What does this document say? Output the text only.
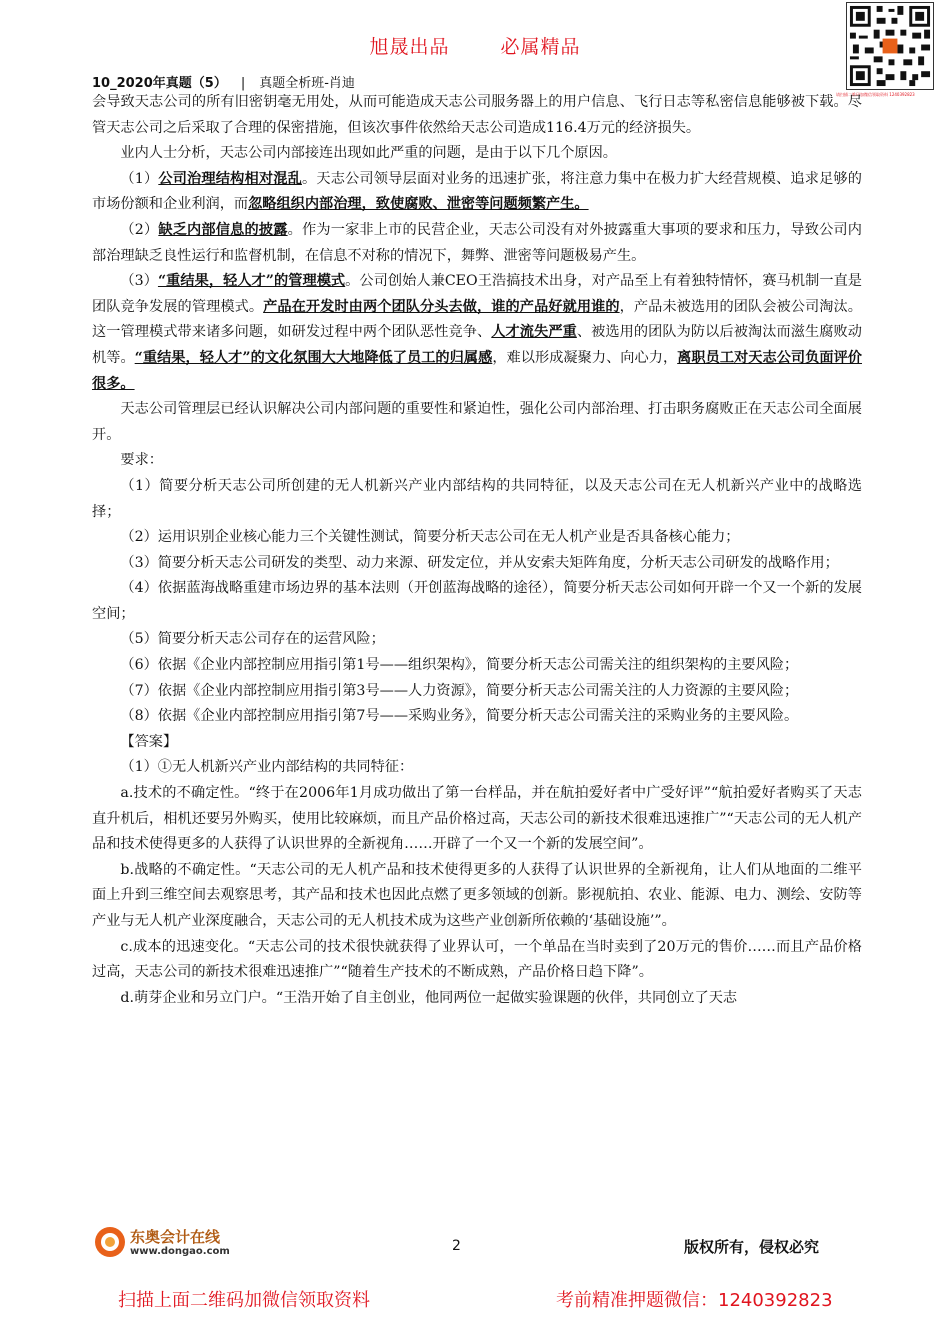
旭晟出品	必属精品
请扫描二维码加微信领取资料 1240392823
10_2020年真题（5） | 真题全析班-肖迪

会导致天志公司的所有旧密钥毫无用处，从而可能造成天志公司服务器上的用户信息、飞行日志等私密信息能够被下载。尽管天志公司之后采取了合理的保密措施，但该次事件依然给天志公司造成116.4万元的经济损失。

业内人士分析，天志公司内部接连出现如此严重的问题，是由于以下几个原因。

（1）公司治理结构相对混乱。天志公司领导层面对业务的迅速扩张，将注意力集中在极力扩大经营规模、追求足够的市场份额和企业利润，而忽略组织内部治理，致使腐败、泄密等问题频繁产生。

（2）缺乏内部信息的披露。作为一家非上市的民营企业，天志公司没有对外披露重大事项的要求和压力，导致公司内部治理缺乏良性运行和监督机制，在信息不对称的情况下，舞弊、泄密等问题极易产生。

（3）“重结果，轻人才”的管理模式。公司创始人兼CEO王浩搞技术出身，对产品至上有着独特情怀，赛马机制一直是团队竞争发展的管理模式。产品在开发时由两个团队分头去做，谁的产品好就用谁的，产品未被选用的团队会被公司淘汰。这一管理模式带来诸多问题，如研发过程中两个团队恶性竞争、人才流失严重、被选用的团队为防以后被淘汰而滋生腐败动机等。“重结果，轻人才”的文化氛围大大地降低了员工的归属感，难以形成凝聚力、向心力，离职员工对天志公司负面评价很多。

天志公司管理层已经认识解决公司内部问题的重要性和紧迫性，强化公司内部治理、打击职务腐败正在天志公司全面展开。

要求：

（1）简要分析天志公司所创建的无人机新兴产业内部结构的共同特征，以及天志公司在无人机新兴产业中的战略选择；

（2）运用识别企业核心能力三个关键性测试，简要分析天志公司在无人机产业是否具备核心能力；

（3）简要分析天志公司研发的类型、动力来源、研发定位，并从安索夫矩阵角度，分析天志公司研发的战略作用；

（4）依据蓝海战略重建市场边界的基本法则（开创蓝海战略的途径），简要分析天志公司如何开辟一个又一个新的发展空间；

（5）简要分析天志公司存在的运营风险；

（6）依据《企业内部控制应用指引第1号——组织架构》，简要分析天志公司需关注的组织架构的主要风险；

（7）依据《企业内部控制应用指引第3号——人力资源》，简要分析天志公司需关注的人力资源的主要风险；

（8）依据《企业内部控制应用指引第7号——采购业务》，简要分析天志公司需关注的采购业务的主要风险。

【答案】

（1）①无人机新兴产业内部结构的共同特征：

a.技术的不确定性。“终于在2006年1月成功做出了第一台样品，并在航拍爱好者中广受好评”“航拍爱好者购买了天志直升机后，相机还要另外购买，使用比较麻烦，而且产品价格过高，天志公司的新技术很难迅速推广”“天志公司的无人机产品和技术使得更多的人获得了认识世界的全新视角……开辟了一个又一个新的发展空间”。

b.战略的不确定性。“天志公司的无人机产品和技术使得更多的人获得了认识世界的全新视角，让人们从地面的二维平面上升到三维空间去观察思考，其产品和技术也因此点燃了更多领域的创新。影视航拍、农业、能源、电力、测绘、安防等产业与无人机产业深度融合，天志公司的无人机技术成为这些产业创新所依赖的‘基础设施’”。

c.成本的迅速变化。“天志公司的技术很快就获得了业界认可，一个单品在当时卖到了20万元的售价……而且产品价格过高，天志公司的新技术很难迅速推广”“随着生产技术的不断成熟，产品价格日趋下降”。

d.萌芽企业和另立门户。“王浩开始了自主创业，他同两位一起做实验课题的伙伴，共同创立了天志

东奥会计在线
www.dongao.com	2	版权所有，侵权必究
扫描上面二维码加微信领取资料	考前精准押题微信：1240392823
